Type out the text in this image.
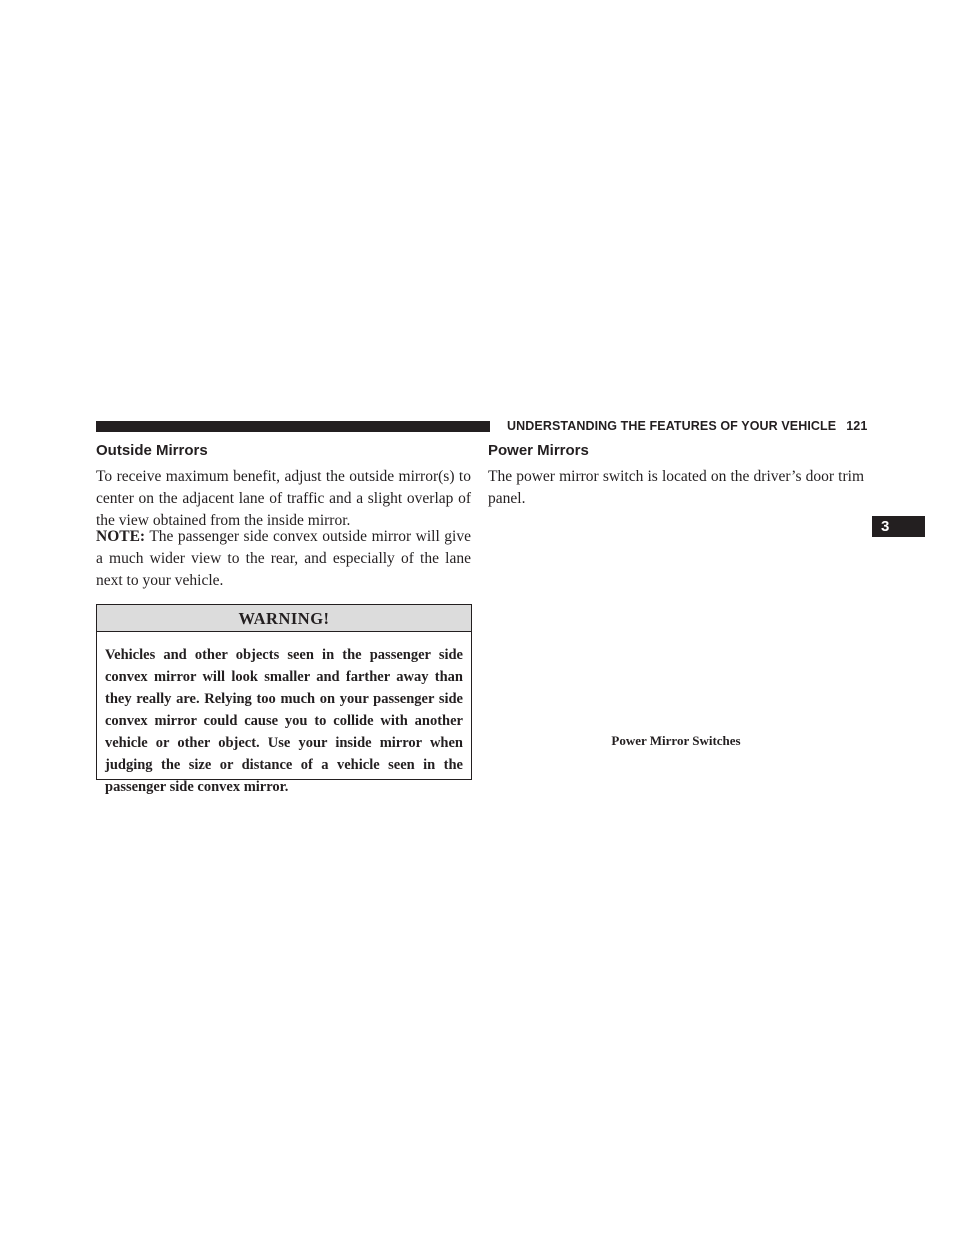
UNDERSTANDING THE FEATURES OF YOUR VEHICLE 121
Outside Mirrors
To receive maximum benefit, adjust the outside mirror(s) to center on the adjacent lane of traffic and a slight overlap of the view obtained from the inside mirror.
NOTE: The passenger side convex outside mirror will give a much wider view to the rear, and especially of the lane next to your vehicle.
WARNING!
Vehicles and other objects seen in the passenger side convex mirror will look smaller and farther away than they really are. Relying too much on your passenger side convex mirror could cause you to collide with another vehicle or other object. Use your inside mirror when judging the size or distance of a vehicle seen in the passenger side convex mirror.
Power Mirrors
The power mirror switch is located on the driver’s door trim panel.
Power Mirror Switches
3
